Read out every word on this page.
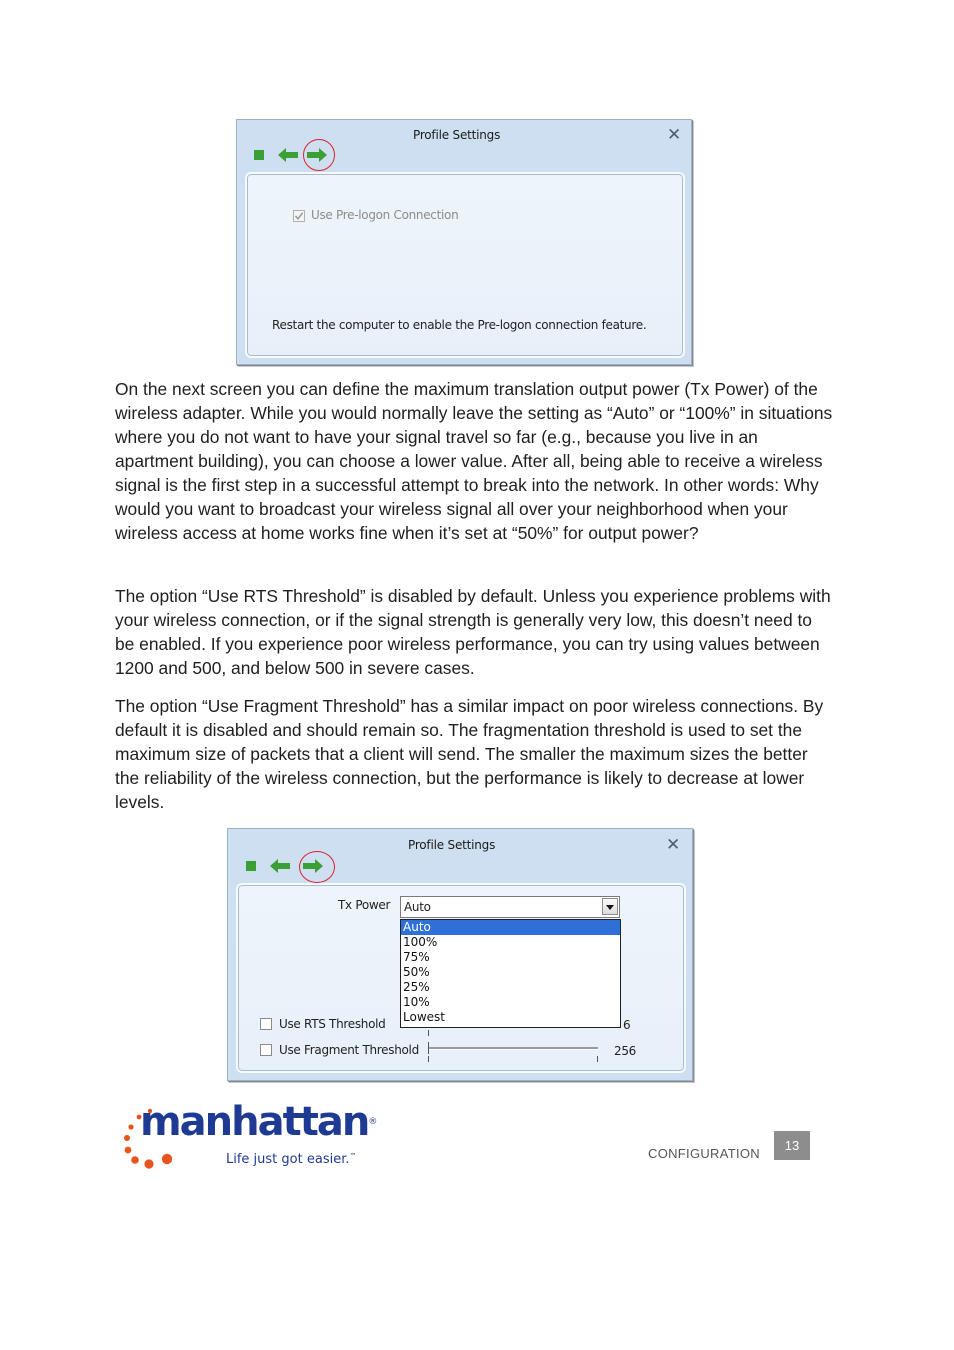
Profile Settings	✕
Use Pre-logon Connection
Restart the computer to enable the Pre-logon connection feature.

On the next screen you can define the maximum translation output power (Tx Power) of the wireless adapter. While you would normally leave the setting as “Auto” or “100%” in situations where you do not want to have your signal travel so far (e.g., because you live in an apartment building), you can choose a lower value. After all, being able to receive a wireless signal is the first step in a successful attempt to break into the network. In other words: Why would you want to broadcast your wireless signal all over your neighborhood when your wireless access at home works fine when it’s set at “50%” for output power?

The option “Use RTS Threshold” is disabled by default. Unless you experience problems with your wireless connection, or if the signal strength is generally very low, this doesn’t need to be enabled. If you experience poor wireless performance, you can try using values between 1200 and 500, and below 500 in severe cases.

The option “Use Fragment Threshold” has a similar impact on poor wireless connections. By default it is disabled and should remain so. The fragmentation threshold is used to set the maximum size of packets that a client will send. The smaller the maximum sizes the better the reliability of the wireless connection, but the performance is likely to decrease at lower levels.

Profile Settings	✕
Tx Power Auto
Auto
100%
75%
50%
25%
10%
Lowest
Use RTS Threshold	6
Use Fragment Threshold	256
manhattan®
Life just got easier.™	CONFIGURATION
13
